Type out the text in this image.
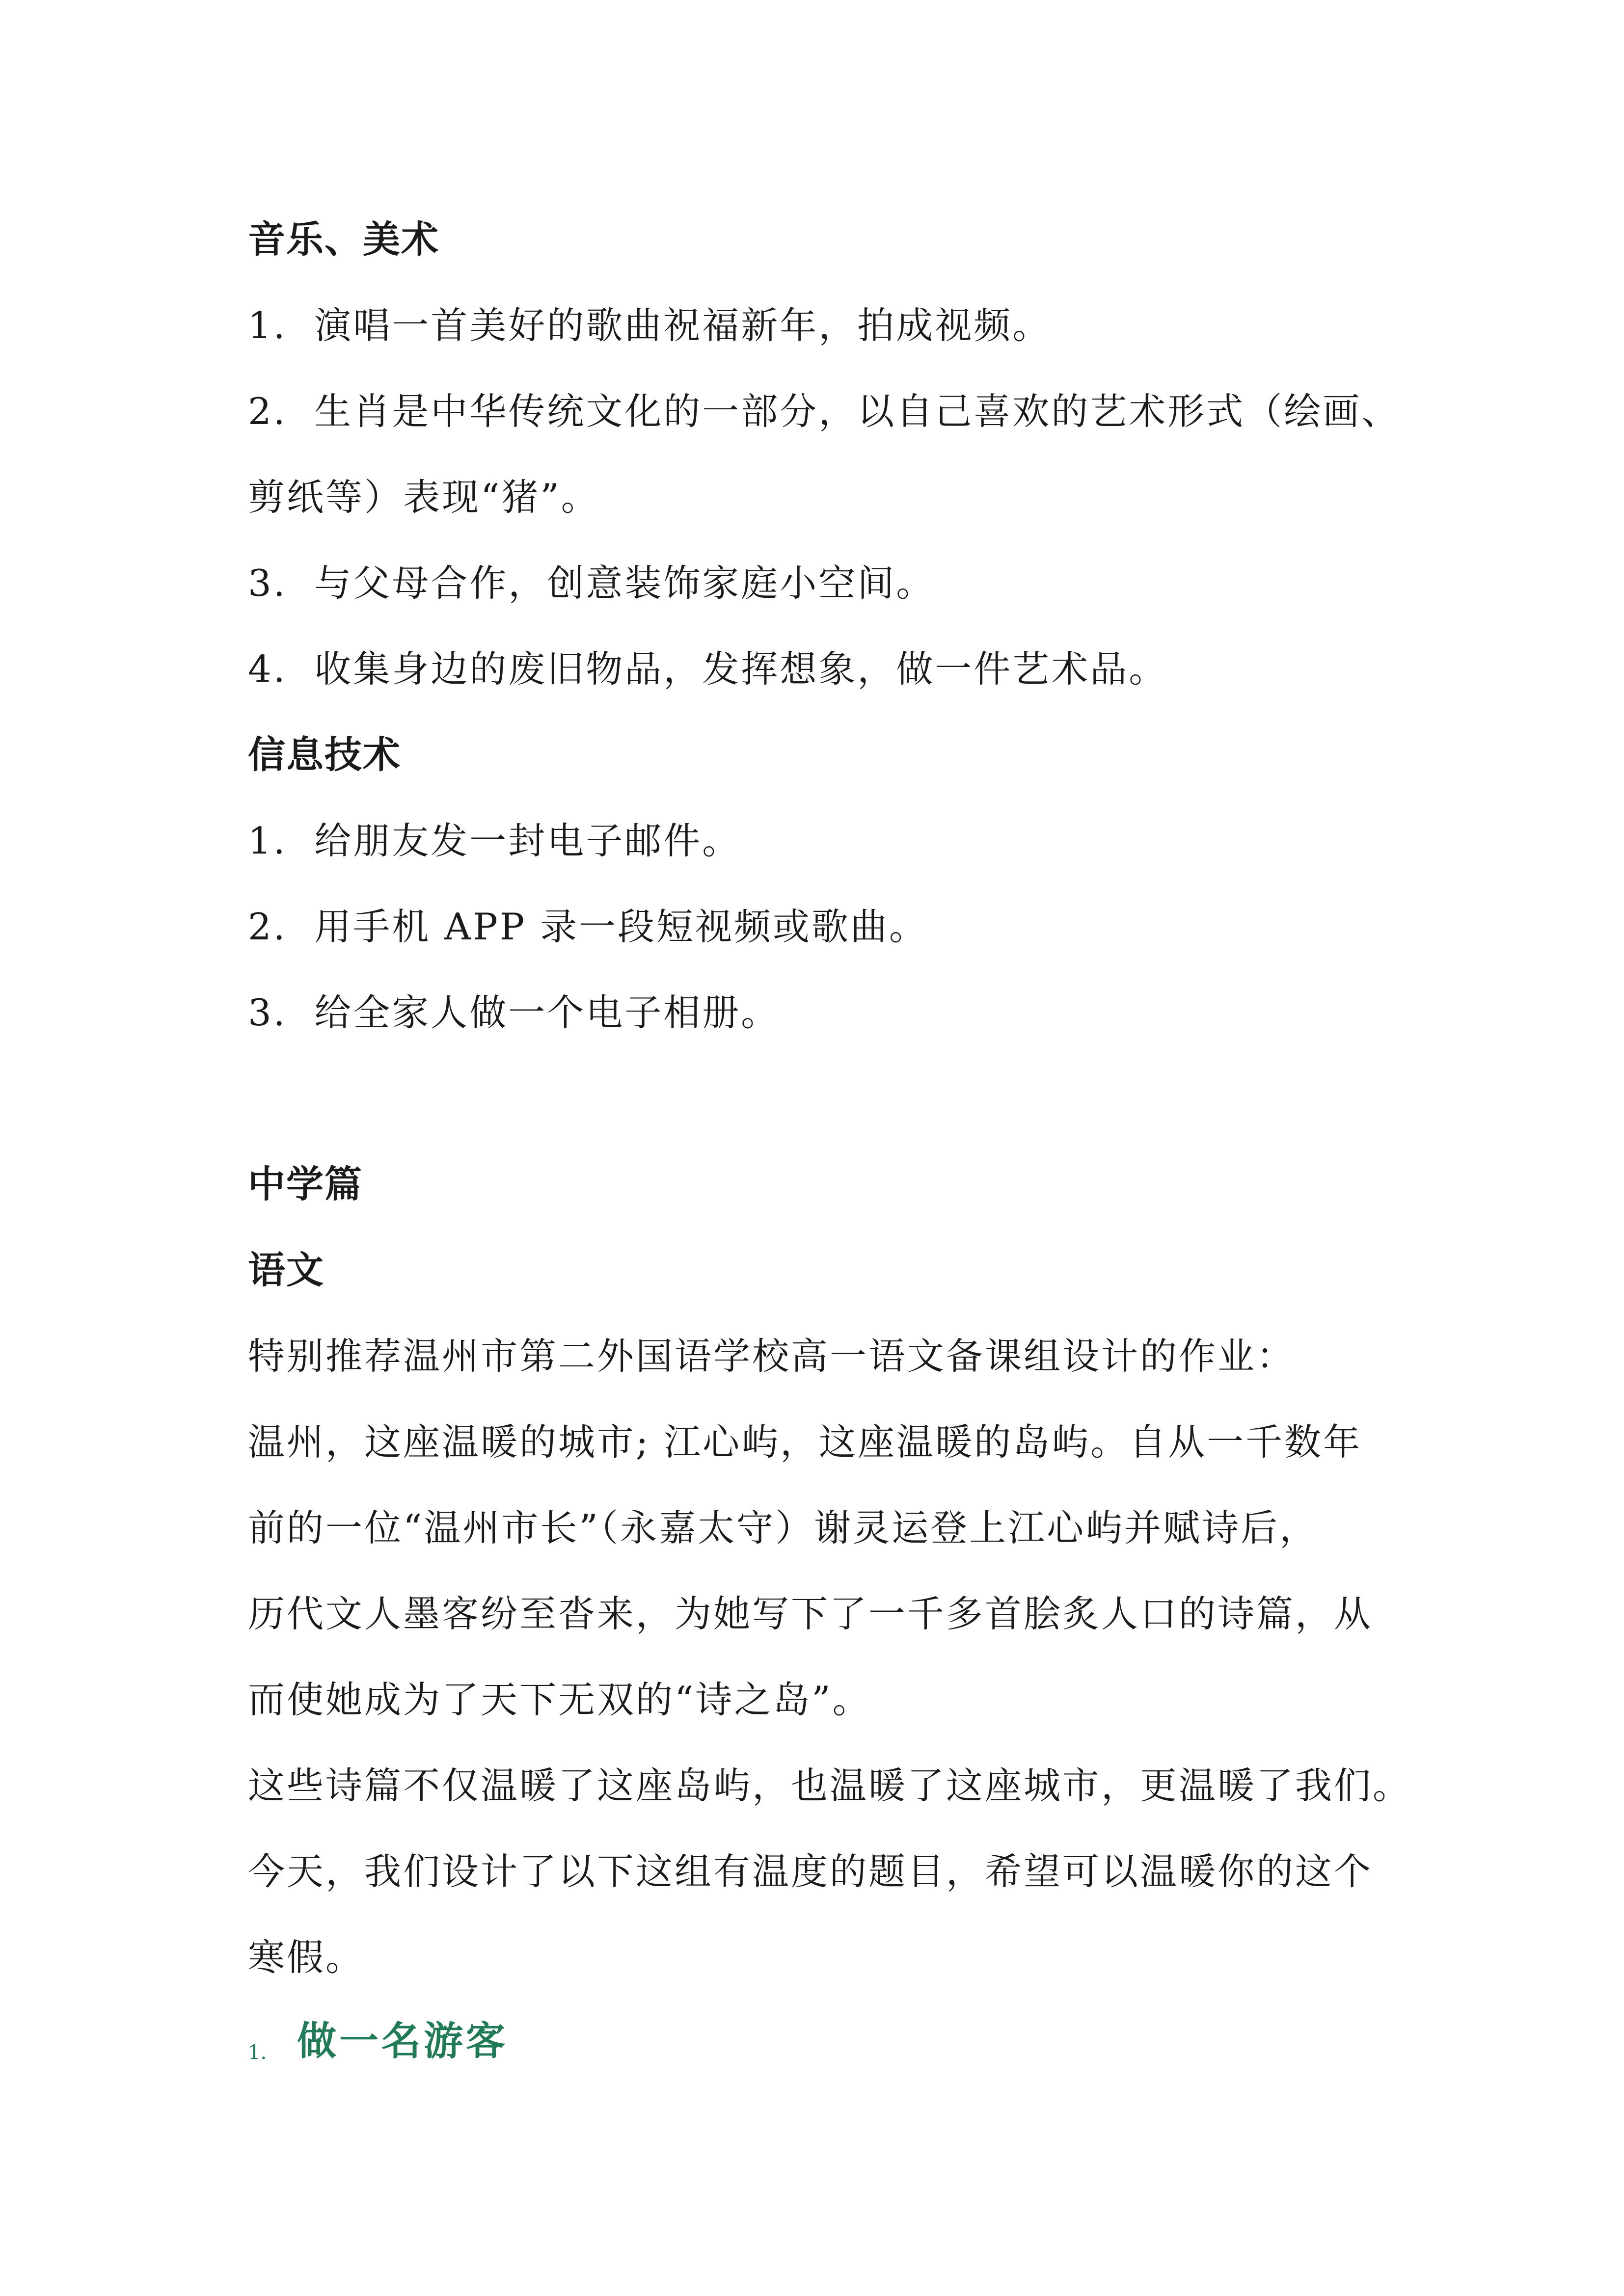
音乐、美术
1. 演唱一首美好的歌曲祝福新年，拍成视频。
2. 生肖是中华传统文化的一部分，以自己喜欢的艺术形式（绘画、
剪纸等）表现“猪”。
3. 与父母合作，创意装饰家庭小空间。
4. 收集身边的废旧物品，发挥想象，做一件艺术品。
信息技术
1. 给朋友发一封电子邮件。
2. 用手机 APP 录一段短视频或歌曲。
3. 给全家人做一个电子相册。
中学篇
语文
特别推荐温州市第二外国语学校高一语文备课组设计的作业：
温州，这座温暖的城市; 江心屿，这座温暖的岛屿。自从一千数年
前的一位“温州市长”（永嘉太守）谢灵运登上江心屿并赋诗后，
历代文人墨客纷至沓来，为她写下了一千多首脍炙人口的诗篇，从
而使她成为了天下无双的“诗之岛”。
这些诗篇不仅温暖了这座岛屿，也温暖了这座城市，更温暖了我们。
今天，我们设计了以下这组有温度的题目，希望可以温暖你的这个
寒假。
1. 做一名游客
